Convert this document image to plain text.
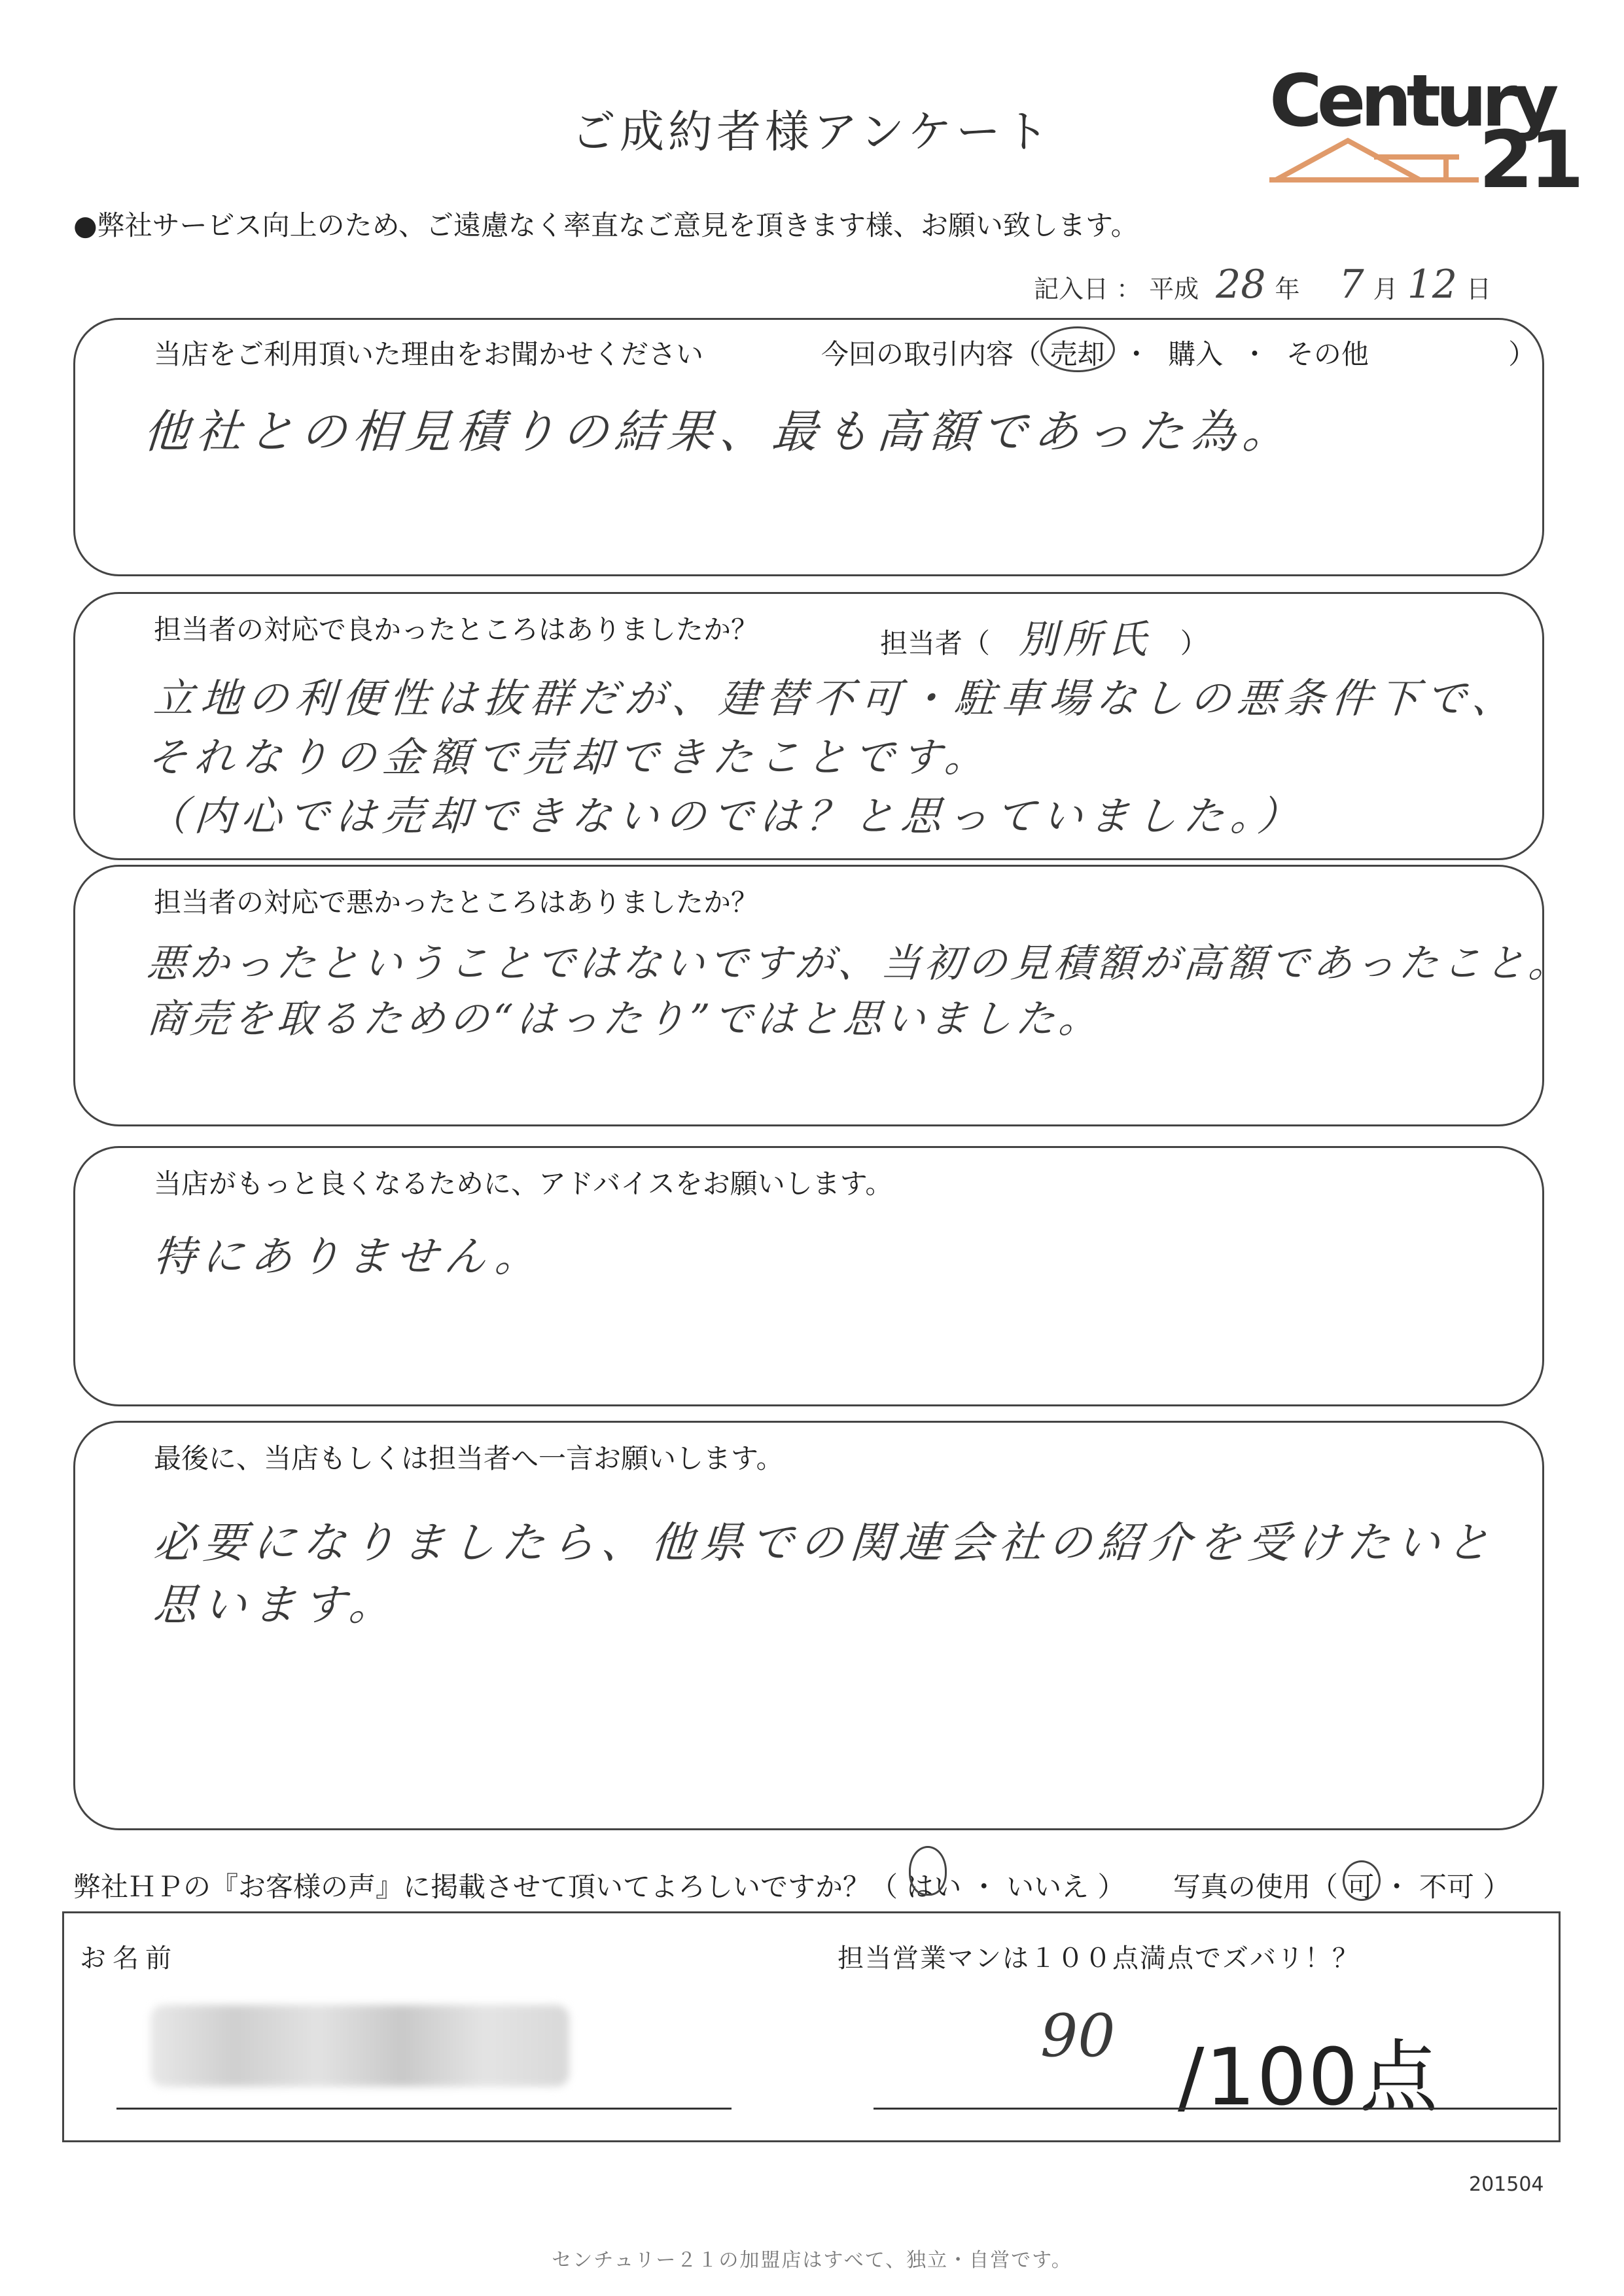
ご成約者様アンケート	Century
21
●弊社サービス向上のため、ご遠慮なく率直なご意見を頂きます様、お願い致します。
記入日 ： 平成 28 年 7 月 12 日
当店をご利用頂いた理由をお聞かせください	今回の取引内容（ 売却 ・ 購入 ・ その他	）
他社との相見積りの結果、最も高額であった為。
担当者の対応で良かったところはありましたか？	担当者（ 別所氏 ）
立地の利便性は抜群だが、建替不可・駐車場なしの悪条件下で、
それなりの金額で売却できたことです。
（内心では売却できないのでは？と思っていました。）
担当者の対応で悪かったところはありましたか？
悪かったということではないですが、当初の見積額が高額であったこと。
商売を取るための“はったり”ではと思いました。
当店がもっと良くなるために、アドバイスをお願いします。
特にありません。
最後に、当店もしくは担当者へ一言お願いします。
必要になりましたら、他県での関連会社の紹介を受けたいと
思います。
弊社ＨＰの『お客様の声』に掲載させて頂いてよろしいですか？（ はい ・ いいえ ） 写真の使用（ 可 ・ 不可 ）
お名前	担当営業マンは１００点満点でズバリ！？
90 /100点
201504
センチュリー２１の加盟店はすべて、独立・自営です。
